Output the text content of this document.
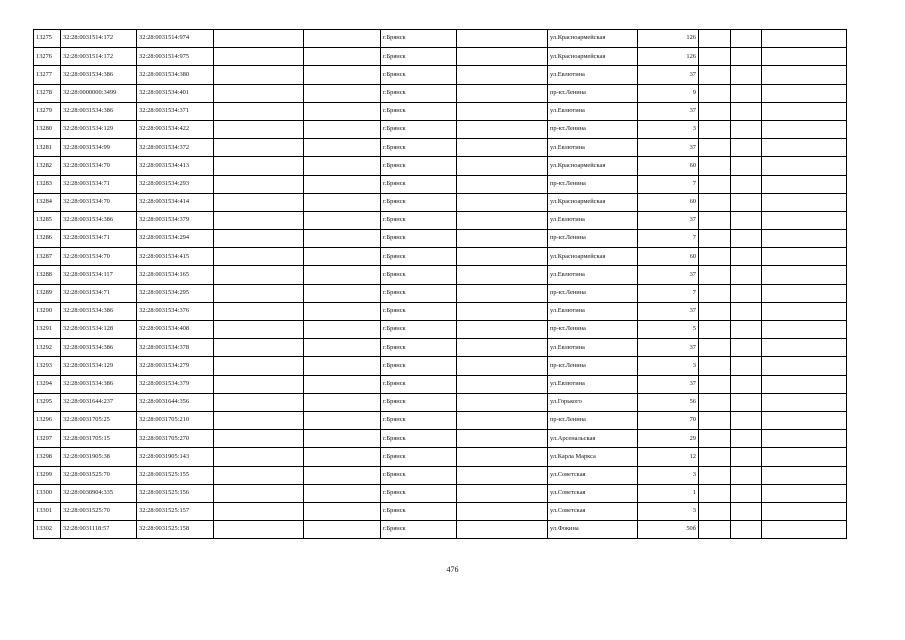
13275	32:28:0031514:172	32:28:0031514:974			г.Брянск		ул.Красноармейская	126			
13276	32:28:0031514:172	32:28:0031514:975			г.Брянск		ул.Красноармейская	126			
13277	32:28:0031534:386	32:28:0031534:380			г.Брянск		ул.Евлютина	37			
13278	32:28:0000000:3499	32:28:0031534:401			г.Брянск		пр-кт.Ленина	9			
13279	32:28:0031534:386	32:28:0031534:371			г.Брянск		ул.Евлютина	37			
13280	32:28:0031534:129	32:28:0031534:422			г.Брянск		пр-кт.Ленина	3			
13281	32:28:0031534:99	32:28:0031534:372			г.Брянск		ул.Евлютина	37			
13282	32:28:0031534:70	32:28:0031534:413			г.Брянск		ул.Красноармейская	60			
13283	32:28:0031534:71	32:28:0031534:293			г.Брянск		пр-кт.Ленина	7			
13284	32:28:0031534:70	32:28:0031534:414			г.Брянск		ул.Красноармейская	60			
13285	32:28:0031534:386	32:28:0031534:379			г.Брянск		ул.Евлютина	37			
13286	32:28:0031534:71	32:28:0031534:294			г.Брянск		пр-кт.Ленина	7			
13287	32:28:0031534:70	32:28:0031534:415			г.Брянск		ул.Красноармейская	60			
13288	32:28:0031534:117	32:28:0031534:165			г.Брянск		ул.Евлютина	37			
13289	32:28:0031534:71	32:28:0031534:295			г.Брянск		пр-кт.Ленина	7			
13290	32:28:0031534:386	32:28:0031534:376			г.Брянск		ул.Евлютина	37			
13291	32:28:0031534:128	32:28:0031534:408			г.Брянск		пр-кт.Ленина	5			
13292	32:28:0031534:386	32:28:0031534:378			г.Брянск		ул.Евлютина	37			
13293	32:28:0031534:129	32:28:0031534:279			г.Брянск		пр-кт.Ленина	3			
13294	32:28:0031534:386	32:28:0031534:379			г.Брянск		ул.Евлютина	37			
13295	32:28:0031644:237	32:28:0031644:356			г.Брянск		ул.Горького	56			
13296	32:28:0031705:25	32:28:0031705:210			г.Брянск		пр-кт.Ленина	70			
13297	32:28:0031705:15	32:28:0031705:270			г.Брянск		ул.Арсенальская	29			
13298	32:28:0031905:38	32:28:0031905:143			г.Брянск		ул.Карла Маркса	12			
13299	32:28:0031525:70	32:28:0031525:155			г.Брянск		ул.Советская	3			
13300	32:28:0030904:335	32:28:0031525:156			г.Брянск		ул.Советская	1			
13301	32:28:0031525:70	32:28:0031525:157			г.Брянск		ул.Советская	3			
13302	32:28:0031118:57	32:28:0031525:158			г.Брянск		ул.Фокина	50б			
476
